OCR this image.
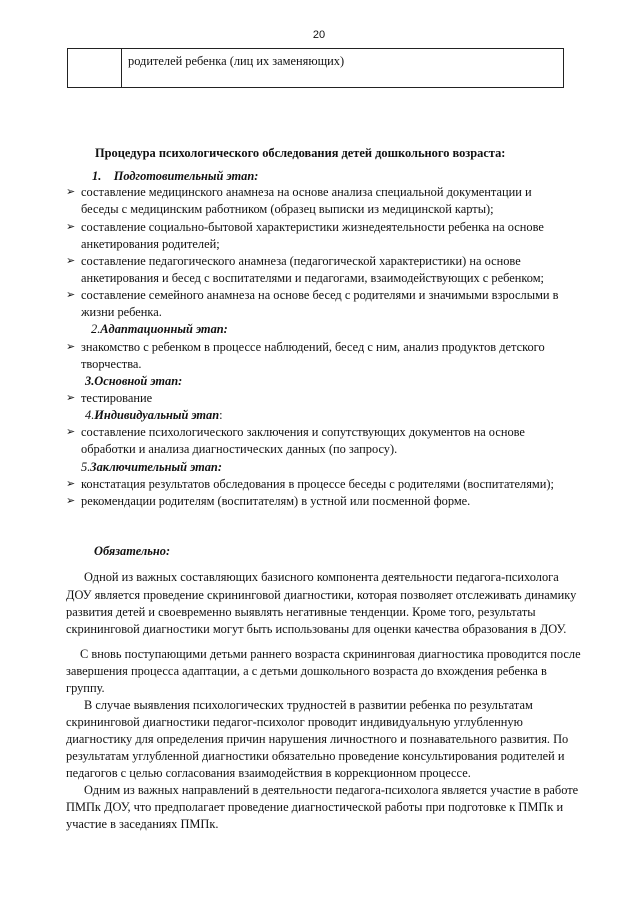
20
родителей ребенка (лиц их заменяющих)
Процедура психологического обследования детей дошкольного возраста:
1. Подготовительный этап:
➢ составление медицинского анамнеза на основе анализа специальной документации и
беседы с медицинским работником (образец выписки из медицинской карты);
➢ составление социально-бытовой характеристики жизнедеятельности ребенка на основе
анкетирования родителей;
➢ составление педагогического анамнеза (педагогической характеристики) на основе
анкетирования и бесед с воспитателями и педагогами, взаимодействующих с ребенком;
➢ составление семейного анамнеза на основе бесед с родителями и значимыми взрослыми в
жизни ребенка.
2.Адаптационный этап:
➢ знакомство с ребенком в процессе наблюдений, бесед с ним, анализ продуктов детского
творчества.
3.Основной этап:
➢ тестирование
4.Индивидуальный этап:
➢ составление психологического заключения и сопутствующих документов на основе
обработки и анализа диагностических данных (по запросу).
5.Заключительный этап:
➢ констатация результатов обследования в процессе беседы с родителями (воспитателями);
➢ рекомендации родителям (воспитателям) в устной или посменной форме.
Обязательно:
Одной из важных составляющих базисного компонента деятельности педагога-психолога
ДОУ является проведение скрининговой диагностики, которая позволяет отслеживать динамику
развития детей и своевременно выявлять негативные тенденции. Кроме того, результаты
скрининговой диагностики могут быть использованы для оценки качества образования в ДОУ.
С вновь поступающими детьми раннего возраста скрининговая диагностика проводится после
завершения процесса адаптации, а с детьми дошкольного возраста до вхождения ребенка в
группу.
В случае выявления психологических трудностей в развитии ребенка по результатам
скрининговой диагностики педагог-психолог проводит индивидуальную углубленную
диагностику для определения причин нарушения личностного и познавательного развития. По
результатам углубленной диагностики обязательно проведение консультирования родителей и
педагогов с целью согласования взаимодействия в коррекционном процессе.
Одним из важных направлений в деятельности педагога-психолога является участие в работе
ПМПк ДОУ, что предполагает проведение диагностической работы при подготовке к ПМПк и
участие в заседаниях ПМПк.
